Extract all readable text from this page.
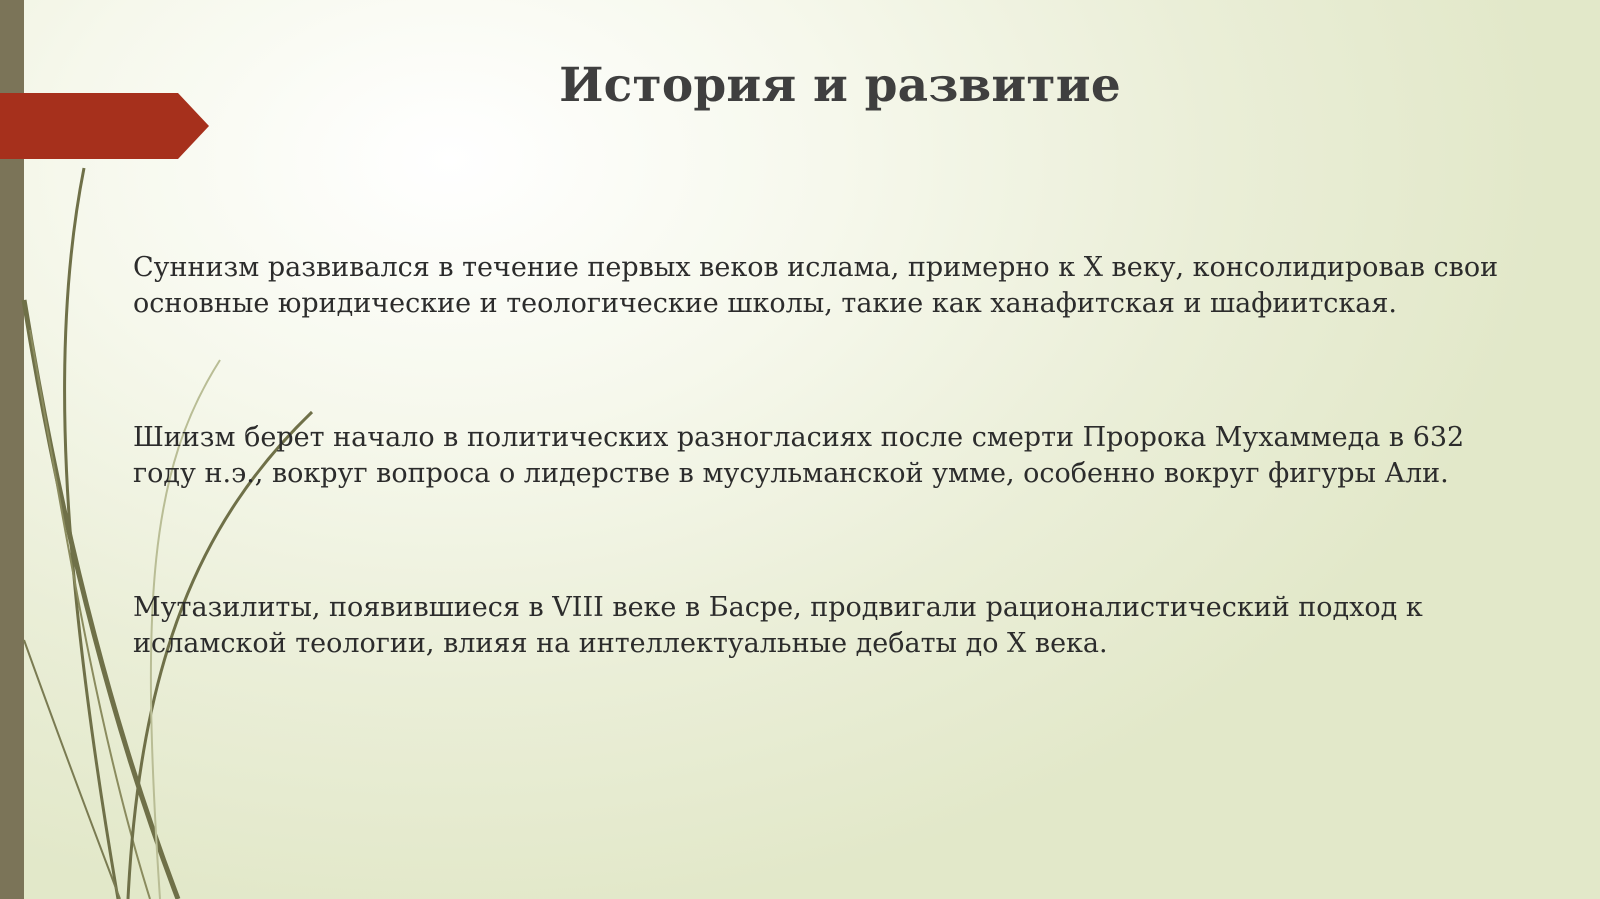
История и развитие

Суннизм развивался в течение первых веков ислама, примерно к X веку, консолидировав свои основные юридические и теологические школы, такие как ханафитская и шафиитская.

Шиизм берет начало в политических разногласиях после смерти Пророка Мухаммеда в 632 году н.э., вокруг вопроса о лидерстве в мусульманской умме, особенно вокруг фигуры Али.

Мутазилиты, появившиеся в VIII веке в Басре, продвигали рационалистический подход к исламской теологии, влияя на интеллектуальные дебаты до X века.
